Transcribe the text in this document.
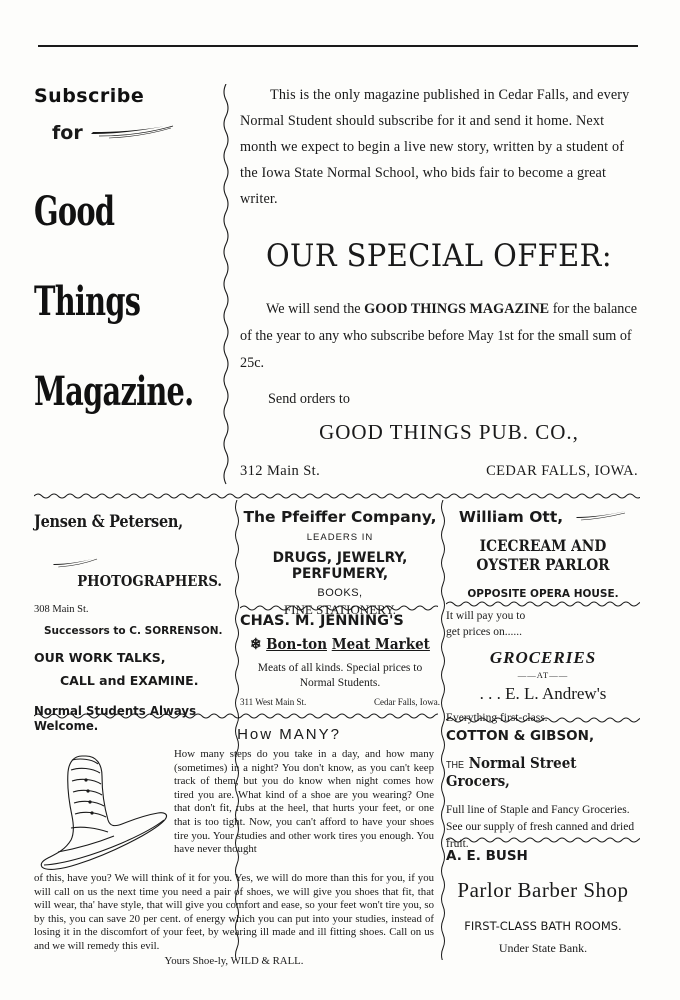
Subscribe
for
Good
Things
Magazine.

This is the only magazine published in Cedar Falls, and every Normal Student should subscribe for it and send it home. Next month we expect to begin a live new story, written by a student of the Iowa State Normal School, who bids fair to become a great writer.

OUR SPECIAL OFFER:
We will send the GOOD THINGS MAGAZINE for the balance of the year to any who subscribe before May 1st for the small sum of 25c.
Send orders to
GOOD THINGS PUB. CO.,
312 Main St.	CEDAR FALLS, IOWA.
Jensen & Petersen,
PHOTOGRAPHERS.
308 Main St.
Successors to C. SORRENSON.
OUR WORK TALKS,
CALL and EXAMINE.
Normal Students Always Welcome.
The Pfeiffer Company,
LEADERS IN
DRUGS, JEWELRY, PERFUMERY,
BOOKS,
FINE STATIONERY.
William Ott,
ICECREAM AND OYSTER PARLOR
OPPOSITE OPERA HOUSE.
CHAS. M. JENNING'S
❄ Bon-ton Meat Market
Meats of all kinds. Special prices to Normal Students.
311 West Main St.	Cedar Falls, Iowa.
It will pay you to
get prices on......
GROCERIES
——AT——
. . . E. L. Andrew's
Everything first-class.
COTTON & GIBSON,
THE Normal Street Grocers,
Full line of Staple and Fancy Groceries. See our supply of fresh canned and dried fruit.
A. E. BUSH
Parlor Barber Shop
FIRST-CLASS BATH ROOMS.
Under State Bank.
How MANY?
How many steps do you take in a day, and how many (sometimes) in a night? You don't know, as you can't keep track of them, but you do know when night comes how tired you are. What kind of a shoe are you wearing? One that don't fit, rubs at the heel, that hurts your feet, or one that is too tight. Now, you can't afford to have your shoes tire you. Your studies and other work tires you enough. You have never thought
of this, have you? We will think of it for you. Yes, we will do more than this for you, if you will call on us the next time you need a pair of shoes, we will give you shoes that fit, that will wear, tha' have style, that will give you comfort and ease, so your feet won't tire you, so by this, you can save 20 per cent. of energy which you can put into your studies, instead of losing it in the discomfort of your feet, by wearing ill made and ill fitting shoes. Call on us and we will remedy this evil.
Yours Shoe-ly, WILD & RALL.
